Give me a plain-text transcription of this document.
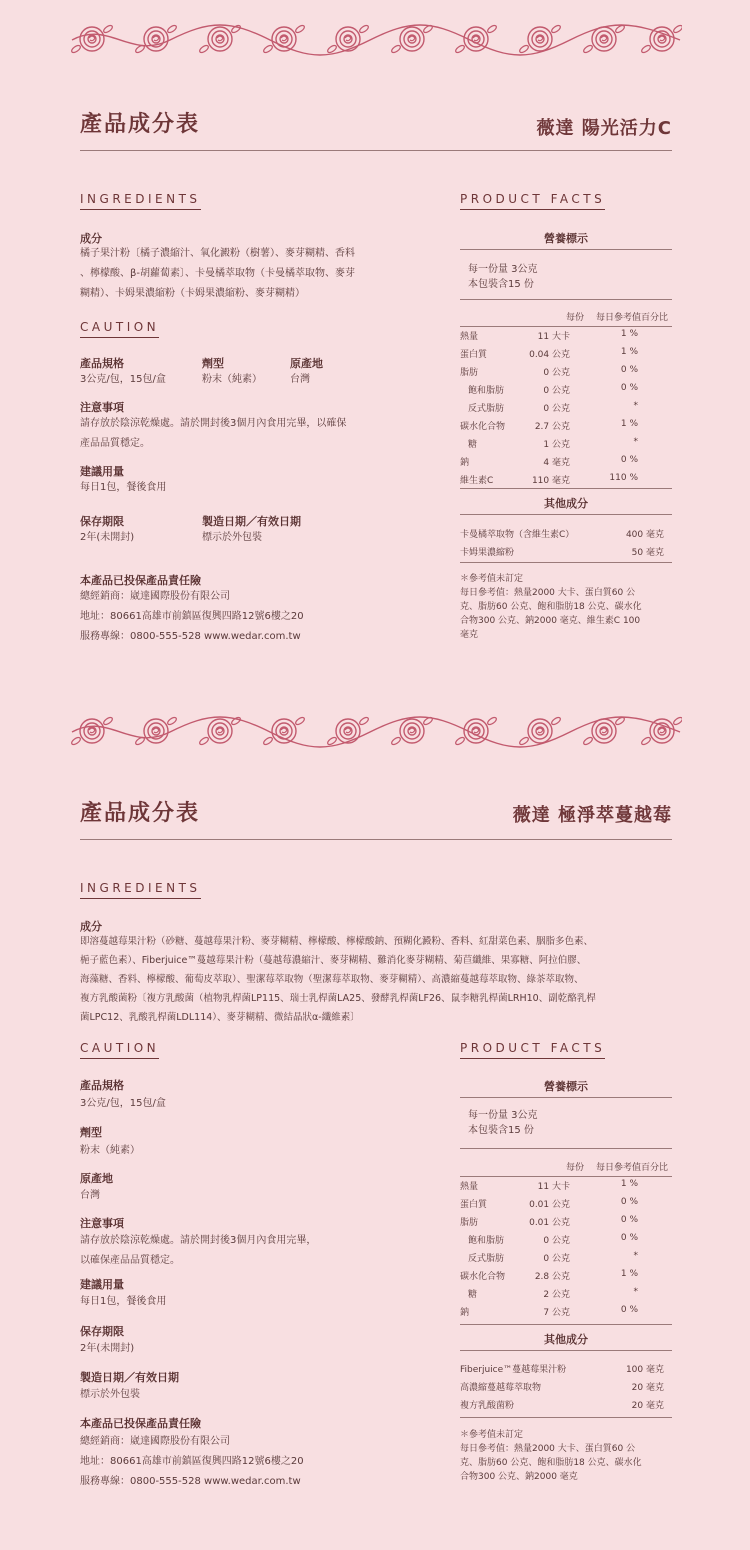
產品成分表	薇達 陽光活力C
INGREDIENTS
成分
橘子果汁粉〔橘子濃縮汁、氧化澱粉（樹薯）、麥芽糊精、香料
、檸檬酸、β-胡蘿蔔素〕、卡曼橘萃取物（卡曼橘萃取物、麥芽
糊精）、卡姆果濃縮粉（卡姆果濃縮粉、麥芽糊精）
CAUTION
產品規格	劑型	原產地
3公克/包，15包/盒	粉末（純素）	台灣
注意事項
請存放於陰涼乾燥處。請於開封後3個月內食用完畢，以確保
產品品質穩定。
建議用量
每日1包，餐後食用
保存期限	製造日期／有效日期
2年(未開封)	標示於外包裝
本產品已投保產品責任險
總經銷商：崴達國際股份有限公司
地址：80661高雄市前鎮區復興四路12號6樓之20
服務專線：0800-555-528 www.wedar.com.tw
PRODUCT FACTS
營養標示
每一份量 3公克
本包裝含15 份
每份 每日參考值百分比
熱量	11 大卡	1 %
蛋白質	0.04 公克	1 %
脂肪	0 公克	0 %
飽和脂肪	0 公克	0 %
反式脂肪	0 公克	*
碳水化合物	2.7 公克	1 %
糖	1 公克	*
鈉	4 毫克	0 %
維生素C	110 毫克	110 %
其他成分
卡曼橘萃取物（含維生素C）	400 毫克
卡姆果濃縮粉	50 毫克
＊參考值未訂定
每日參考值：熱量2000 大卡、蛋白質60 公
克、脂肪60 公克、飽和脂肪18 公克、碳水化
合物300 公克、鈉2000 毫克、維生素C 100
毫克
產品成分表	薇達 極淨萃蔓越莓
INGREDIENTS
成分
即溶蔓越莓果汁粉（砂糖、蔓越莓果汁粉、麥芽糊精、檸檬酸、檸檬酸鈉、預糊化澱粉、香料、紅甜菜色素、胭脂多色素、
梔子藍色素）、Fiberjuice™蔓越莓果汁粉（蔓越莓濃縮汁、麥芽糊精、難消化麥芽糊精、菊苣纖維、果寡糖、阿拉伯膠、
海藻糖、香料、檸檬酸、葡萄皮萃取）、聖潔莓萃取物（聖潔莓萃取物、麥芽糊精）、高濃縮蔓越莓萃取物、綠茶萃取物、
複方乳酸菌粉〔複方乳酸菌（植物乳桿菌LP115、瑞士乳桿菌LA25、發酵乳桿菌LF26、鼠李糖乳桿菌LRH10、副乾酪乳桿
菌LPC12、乳酸乳桿菌LDL114）、麥芽糊精、微結晶狀α-纖維素〕
CAUTION
產品規格
3公克/包，15包/盒
劑型
粉末（純素）
原產地
台灣
注意事項
請存放於陰涼乾燥處。請於開封後3個月內食用完畢，
以確保產品品質穩定。
建議用量
每日1包，餐後食用
保存期限
2年(未開封)
製造日期／有效日期
標示於外包裝
本產品已投保產品責任險
總經銷商：崴達國際股份有限公司
地址：80661高雄市前鎮區復興四路12號6樓之20
服務專線：0800-555-528 www.wedar.com.tw
PRODUCT FACTS
營養標示
每一份量 3公克
本包裝含15 份
每份 每日參考值百分比
熱量	11 大卡	1 %
蛋白質	0.01 公克	0 %
脂肪	0.01 公克	0 %
飽和脂肪	0 公克	0 %
反式脂肪	0 公克	*
碳水化合物	2.8 公克	1 %
糖	2 公克	*
鈉	7 公克	0 %
其他成分
Fiberjuice™蔓越莓果汁粉	100 毫克
高濃縮蔓越莓萃取物	20 毫克
複方乳酸菌粉	20 毫克
＊參考值未訂定
每日參考值：熱量2000 大卡、蛋白質60 公
克、脂肪60 公克、飽和脂肪18 公克、碳水化
合物300 公克、鈉2000 毫克
